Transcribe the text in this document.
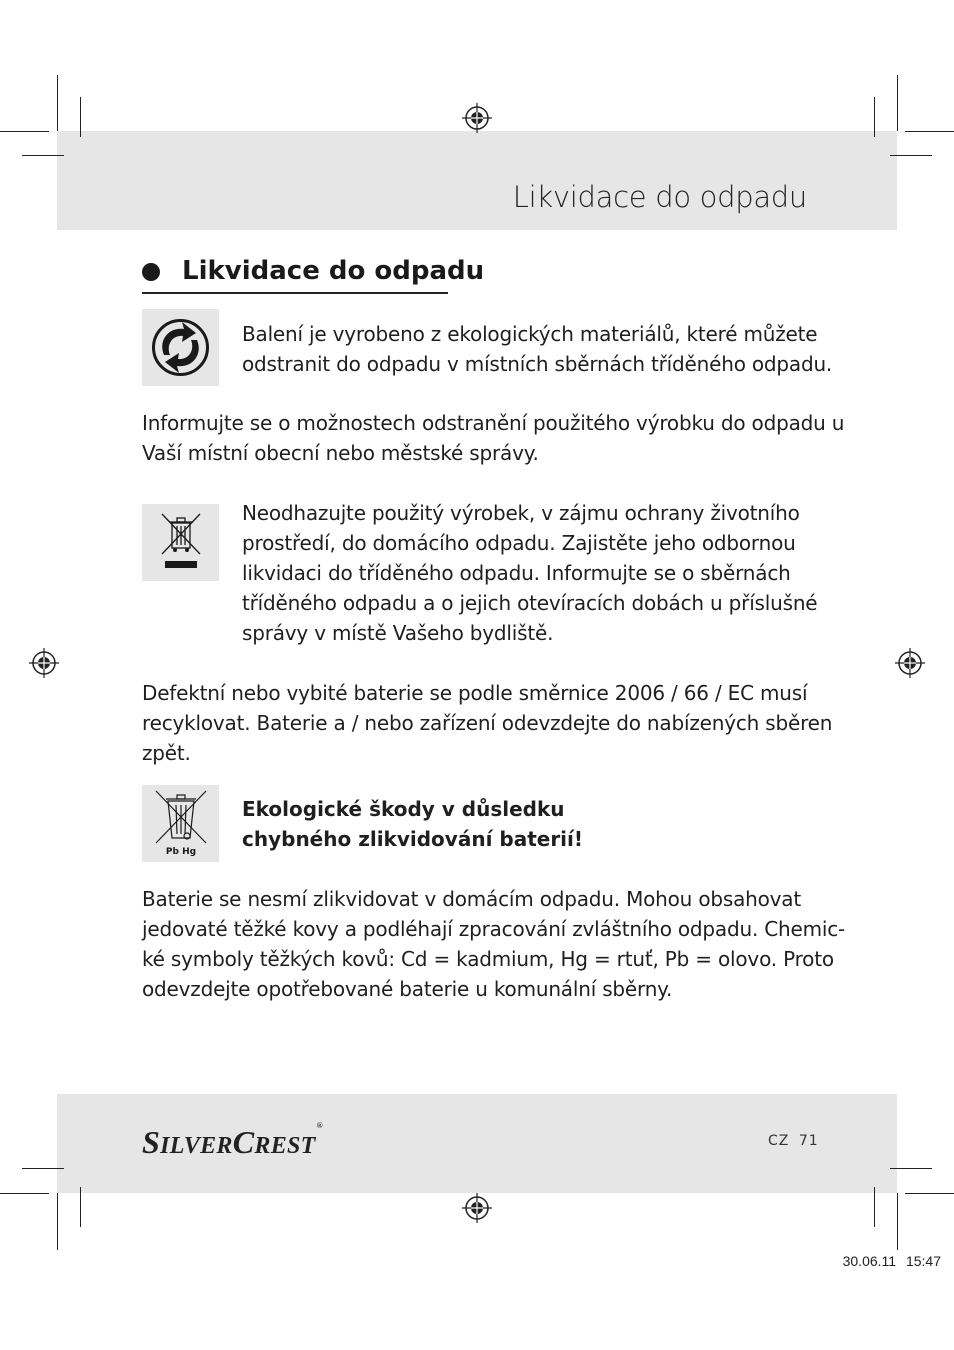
Likvidace do odpadu
Likvidace do odpadu

Balení je vyrobeno z ekologických materiálů, které můžete

odstranit do odpadu v místních sběrnách tříděného odpadu.

Informujte se o možnostech odstranění použitého výrobku do odpadu u

Vaší místní obecní nebo městské správy.

Neodhazujte použitý výrobek, v zájmu ochrany životního

prostředí, do domácího odpadu. Zajistěte jeho odbornou

likvidaci do tříděného odpadu. Informujte se o sběrnách

tříděného odpadu a o jejich otevíracích dobách u příslušné

správy v místě Vašeho bydliště.

Defektní nebo vybité baterie se podle směrnice 2006 / 66 / EC musí

recyklovat. Baterie a / nebo zařízení odevzdejte do nabízených sběren

zpět.

Pb Hg

Ekologické škody v důsledku

chybného zlikvidování baterií!

Baterie se nesmí zlikvidovat v domácím odpadu. Mohou obsahovat

jedovaté těžké kovy a podléhají zpracování zvláštního odpadu. Chemic-

ké symboly těžkých kovů: Cd = kadmium, Hg = rtuť, Pb = olovo. Proto

odevzdejte opotřebované baterie u komunální sběrny.

SILVERCREST®
CZ 71
30.06.11 15:47
